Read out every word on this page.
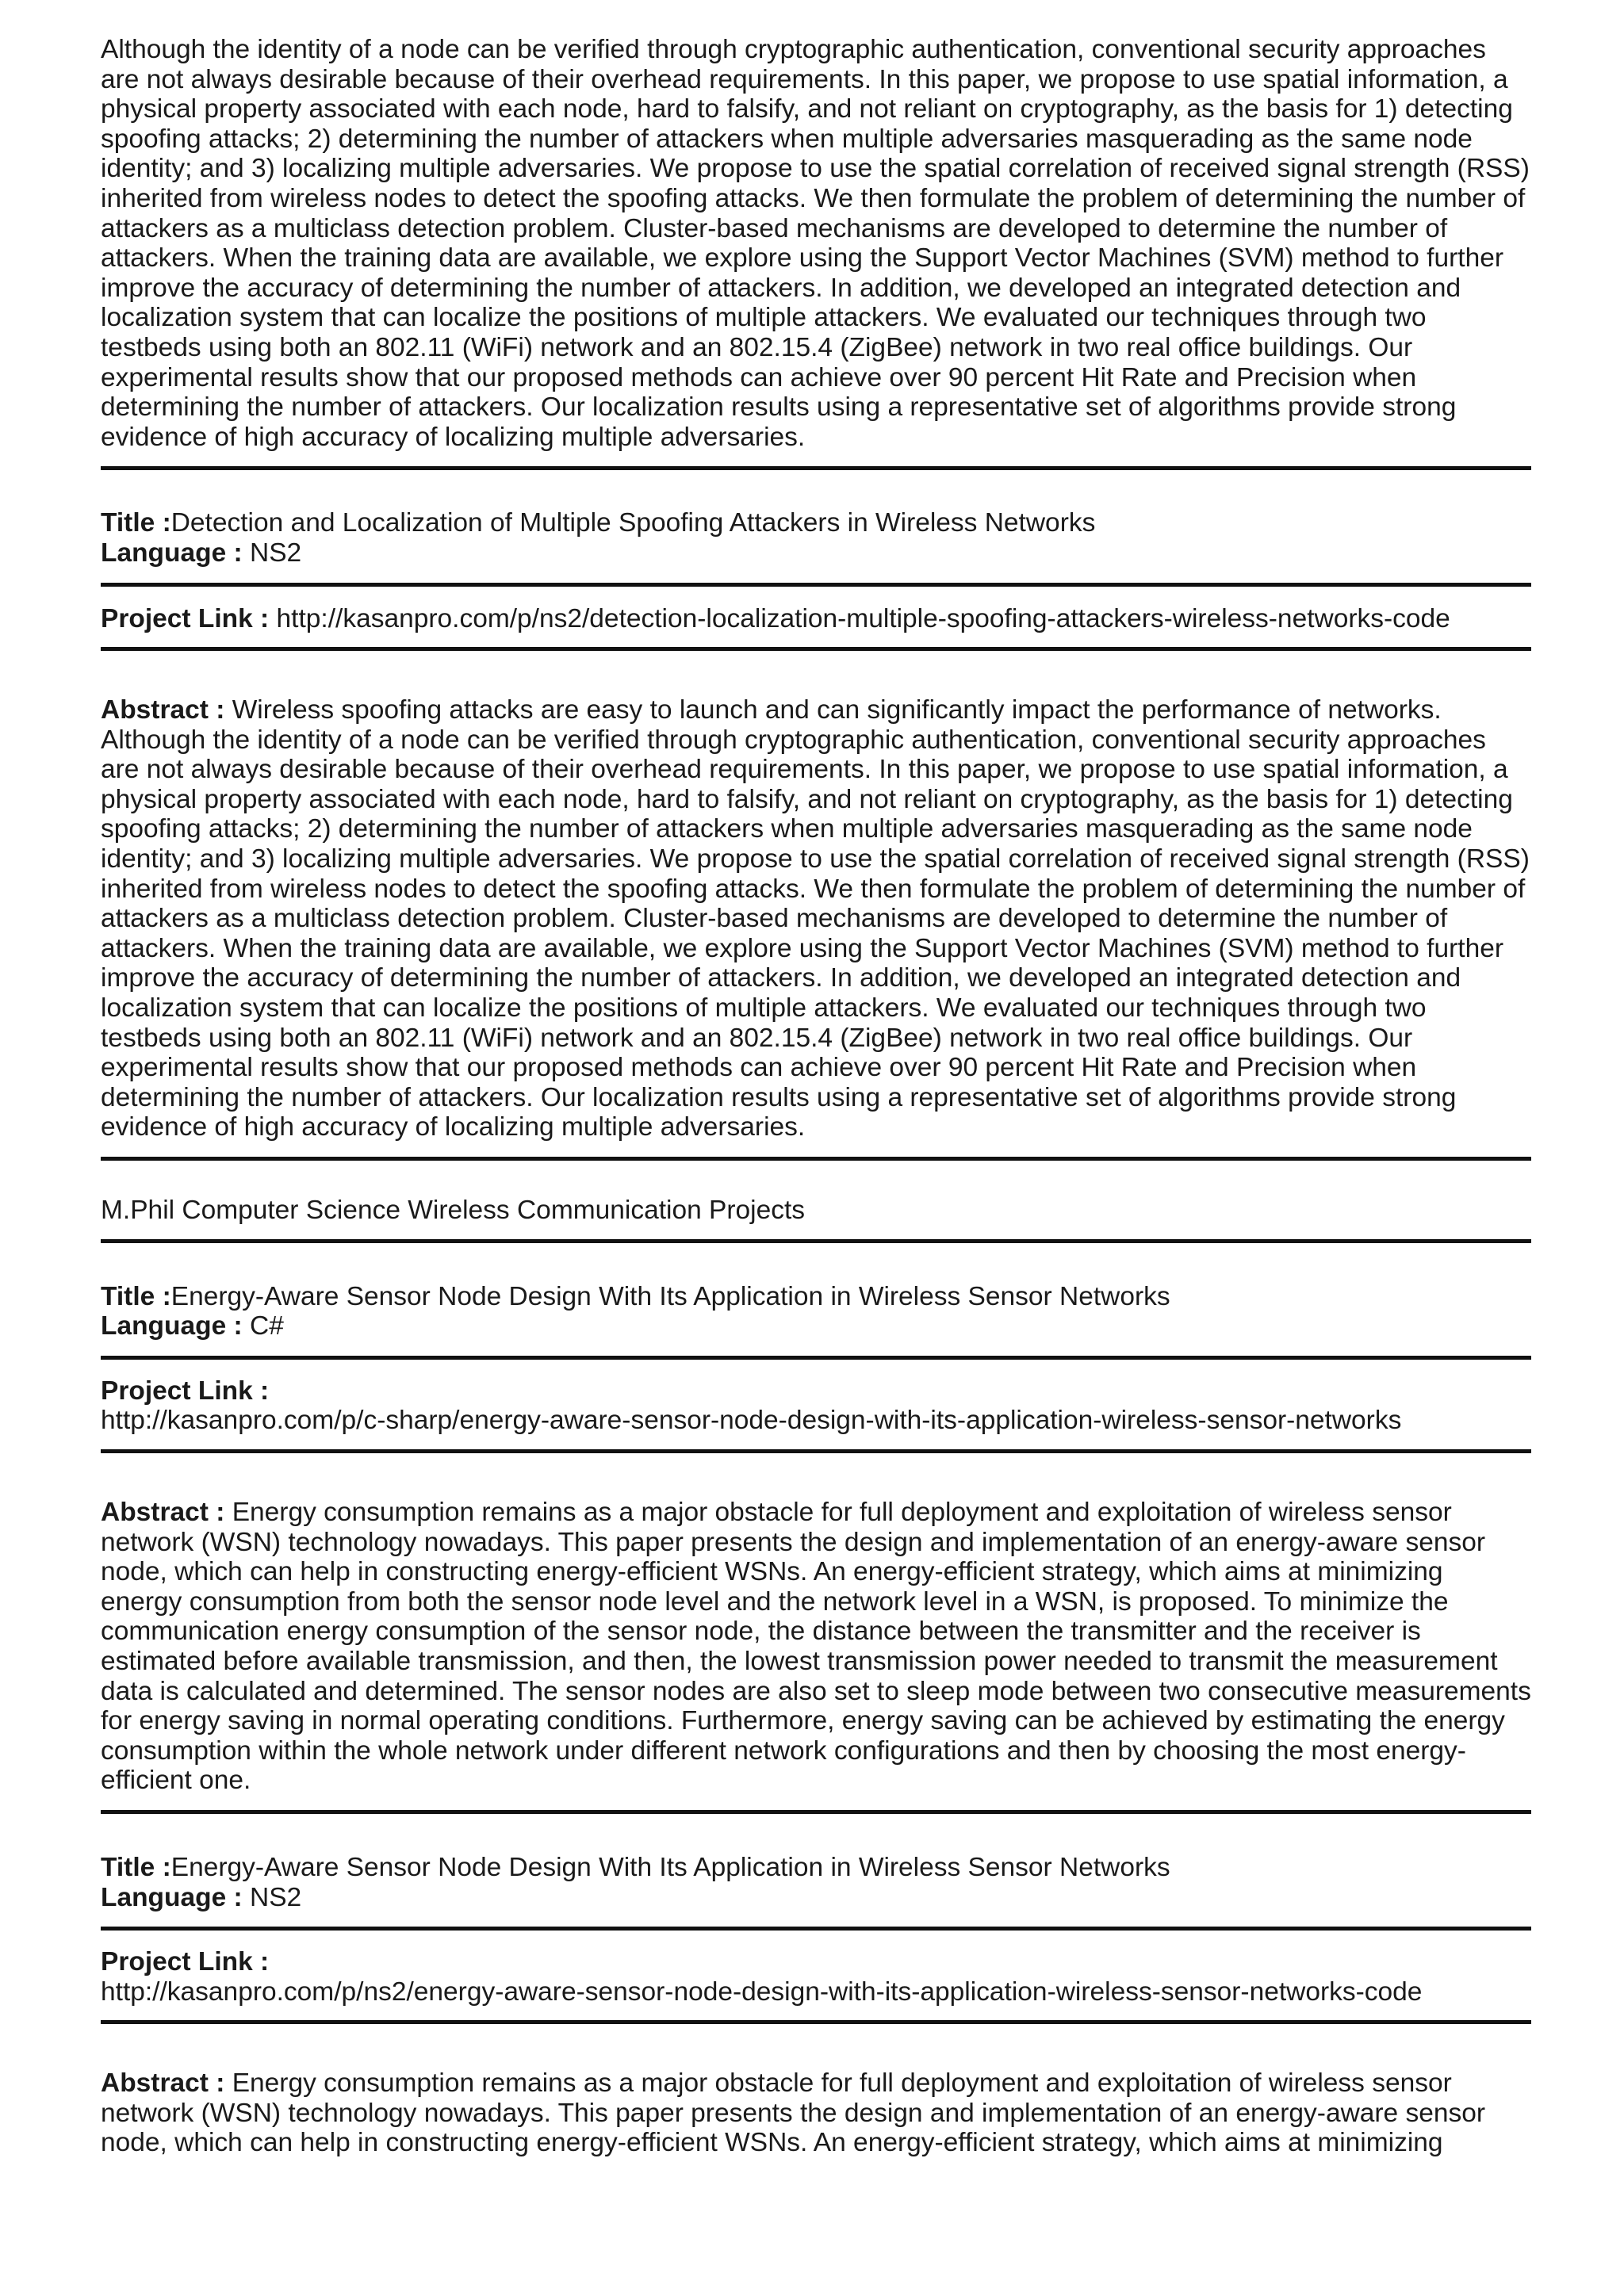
Although the identity of a node can be verified through cryptographic authentication, conventional security approaches are not always desirable because of their overhead requirements. In this paper, we propose to use spatial information, a physical property associated with each node, hard to falsify, and not reliant on cryptography, as the basis for 1) detecting spoofing attacks; 2) determining the number of attackers when multiple adversaries masquerading as the same node identity; and 3) localizing multiple adversaries. We propose to use the spatial correlation of received signal strength (RSS) inherited from wireless nodes to detect the spoofing attacks. We then formulate the problem of determining the number of attackers as a multiclass detection problem. Cluster-based mechanisms are developed to determine the number of attackers. When the training data are available, we explore using the Support Vector Machines (SVM) method to further improve the accuracy of determining the number of attackers. In addition, we developed an integrated detection and localization system that can localize the positions of multiple attackers. We evaluated our techniques through two testbeds using both an 802.11 (WiFi) network and an 802.15.4 (ZigBee) network in two real office buildings. Our experimental results show that our proposed methods can achieve over 90 percent Hit Rate and Precision when determining the number of attackers. Our localization results using a representative set of algorithms provide strong evidence of high accuracy of localizing multiple adversaries.

Title :Detection and Localization of Multiple Spoofing Attackers in Wireless Networks

Language : NS2

Project Link : http://kasanpro.com/p/ns2/detection-localization-multiple-spoofing-attackers-wireless-networks-code

Abstract : Wireless spoofing attacks are easy to launch and can significantly impact the performance of networks. Although the identity of a node can be verified through cryptographic authentication, conventional security approaches are not always desirable because of their overhead requirements. In this paper, we propose to use spatial information, a physical property associated with each node, hard to falsify, and not reliant on cryptography, as the basis for 1) detecting spoofing attacks; 2) determining the number of attackers when multiple adversaries masquerading as the same node identity; and 3) localizing multiple adversaries. We propose to use the spatial correlation of received signal strength (RSS) inherited from wireless nodes to detect the spoofing attacks. We then formulate the problem of determining the number of attackers as a multiclass detection problem. Cluster-based mechanisms are developed to determine the number of attackers. When the training data are available, we explore using the Support Vector Machines (SVM) method to further improve the accuracy of determining the number of attackers. In addition, we developed an integrated detection and localization system that can localize the positions of multiple attackers. We evaluated our techniques through two testbeds using both an 802.11 (WiFi) network and an 802.15.4 (ZigBee) network in two real office buildings. Our experimental results show that our proposed methods can achieve over 90 percent Hit Rate and Precision when determining the number of attackers. Our localization results using a representative set of algorithms provide strong evidence of high accuracy of localizing multiple adversaries.

M.Phil Computer Science Wireless Communication Projects

Title :Energy-Aware Sensor Node Design With Its Application in Wireless Sensor Networks

Language : C#

Project Link :

http://kasanpro.com/p/c-sharp/energy-aware-sensor-node-design-with-its-application-wireless-sensor-networks

Abstract : Energy consumption remains as a major obstacle for full deployment and exploitation of wireless sensor network (WSN) technology nowadays. This paper presents the design and implementation of an energy-aware sensor node, which can help in constructing energy-efficient WSNs. An energy-efficient strategy, which aims at minimizing energy consumption from both the sensor node level and the network level in a WSN, is proposed. To minimize the communication energy consumption of the sensor node, the distance between the transmitter and the receiver is estimated before available transmission, and then, the lowest transmission power needed to transmit the measurement data is calculated and determined. The sensor nodes are also set to sleep mode between two consecutive measurements for energy saving in normal operating conditions. Furthermore, energy saving can be achieved by estimating the energy consumption within the whole network under different network configurations and then by choosing the most energy-efficient one.

Title :Energy-Aware Sensor Node Design With Its Application in Wireless Sensor Networks

Language : NS2

Project Link :

http://kasanpro.com/p/ns2/energy-aware-sensor-node-design-with-its-application-wireless-sensor-networks-code

Abstract : Energy consumption remains as a major obstacle for full deployment and exploitation of wireless sensor network (WSN) technology nowadays. This paper presents the design and implementation of an energy-aware sensor node, which can help in constructing energy-efficient WSNs. An energy-efficient strategy, which aims at minimizing
